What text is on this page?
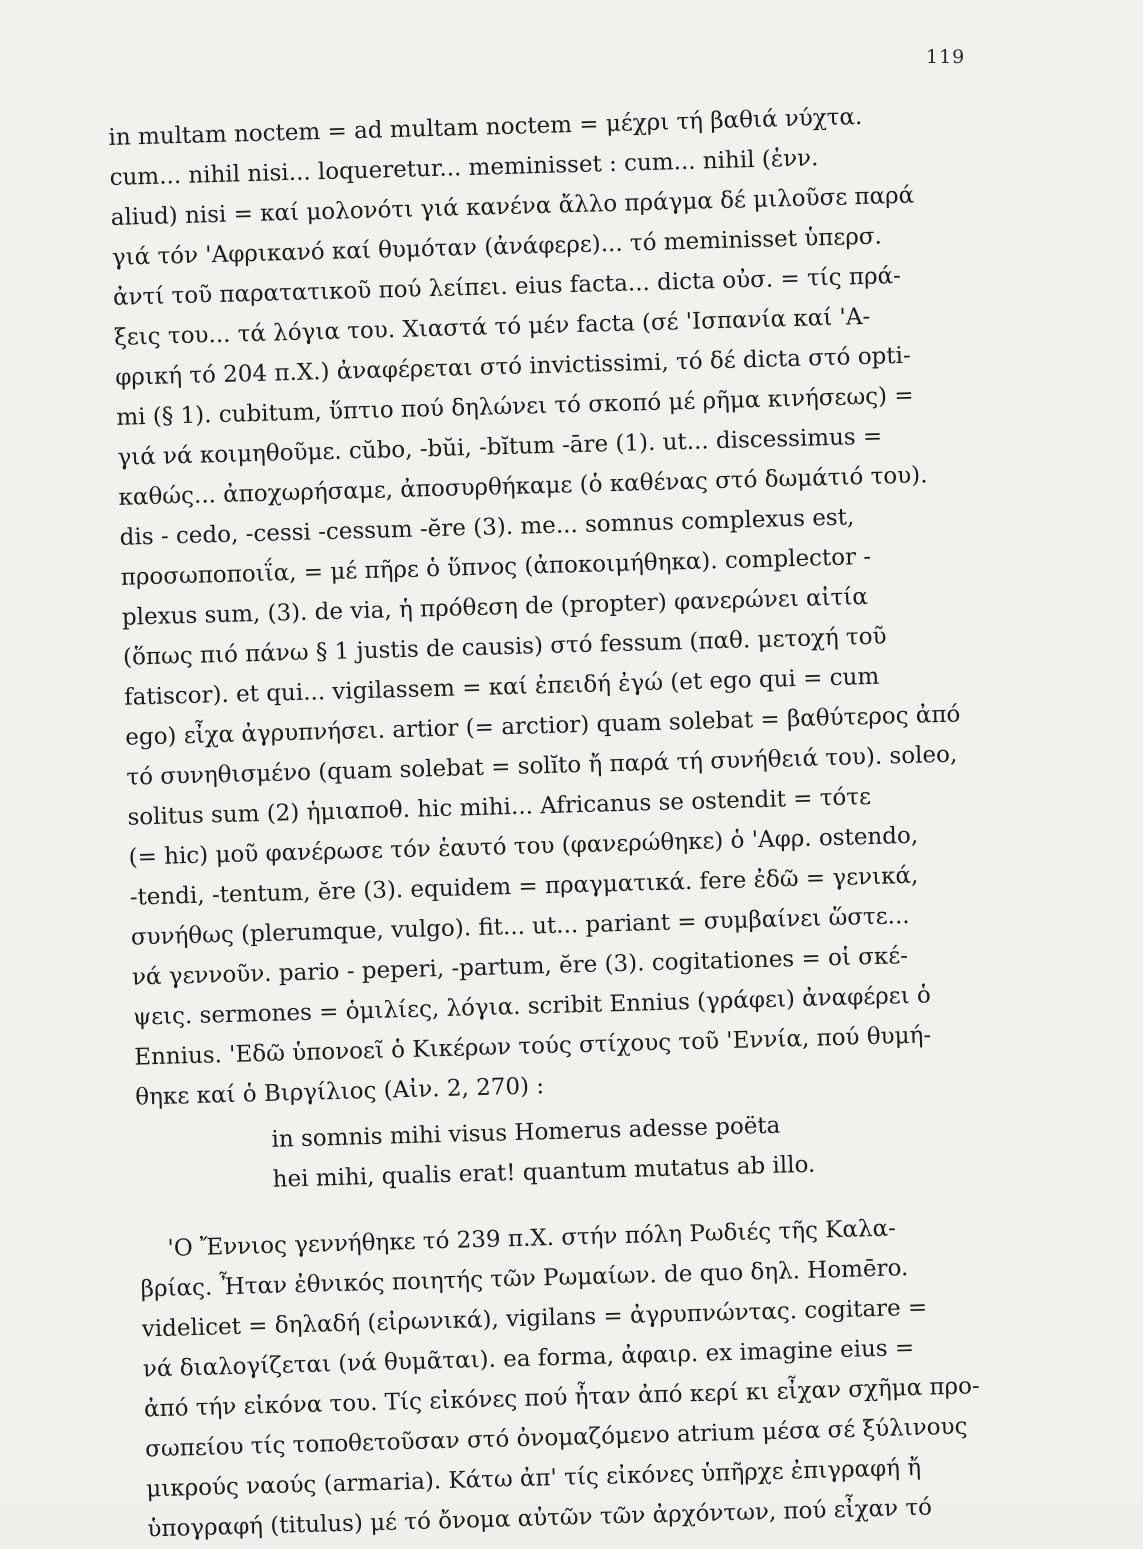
119
in multam noctem = ad multam noctem = μέχρι τή βαθιά νύχτα.
cum... nihil nisi... loqueretur... meminisset : cum... nihil (ἐνν.
aliud) nisi = καί μολονότι γιά κανένα ἄλλο πράγμα δέ μιλοῦσε παρά
γιά τόν 'Αφρικανό καί θυμόταν (ἀνάφερε)... τό meminisset ὑπερσ.
ἀντί τοῦ παρατατικοῦ πού λείπει. eius facta... dicta οὐσ. = τίς πρά-
ξεις του... τά λόγια του. Χιαστά τό μέν facta (σέ 'Ισπανία καί 'Α-
φρική τό 204 π.Χ.) ἀναφέρεται στό invictissimi, τό δέ dicta στό opti-
mi (§ 1). cubitum, ὕπτιο πού δηλώνει τό σκοπό μέ ρῆμα κινήσεως) =
γιά νά κοιμηθοῦμε. cŭbo, -bŭi, -bĭtum -āre (1). ut... discessimus =
καθώς... ἀποχωρήσαμε, ἀποσυρθήκαμε (ὁ καθένας στό δωμάτιό του).
dis - cedo, -cessi -cessum -ĕre (3). me... somnus complexus est,
προσωποποιΐα, = μέ πῆρε ὁ ὕπνος (ἀποκοιμήθηκα). complector -
plexus sum, (3). de via, ἡ πρόθεση de (propter) φανερώνει αἰτία
(ὅπως πιό πάνω § 1 justis de causis) στό fessum (παθ. μετοχή τοῦ
fatiscor). et qui... vigilassem = καί ἐπειδή ἐγώ (et ego qui = cum
ego) εἶχα ἀγρυπνήσει. artior (= arctior) quam solebat = βαθύτερος ἀπό
τό συνηθισμένο (quam solebat = solĭto ἤ παρά τή συνήθειά του). soleo,
solitus sum (2) ἡμιαποθ. hic mihi... Africanus se ostendit = τότε
(= hic) μοῦ φανέρωσε τόν ἑαυτό του (φανερώθηκε) ὁ 'Αφρ. ostendo,
-tendi, -tentum, ĕre (3). equidem = πραγματικά. fere ἐδῶ = γενικά,
συνήθως (plerumque, vulgo). fit... ut... pariant = συμβαίνει ὥστε...
νά γεννοῦν. pario - peperi, -partum, ĕre (3). cogitationes = οἱ σκέ-
ψεις. sermones = ὁμιλίες, λόγια. scribit Ennius (γράφει) ἀναφέρει ὁ
Ennius. 'Εδῶ ὑπονοεῖ ὁ Κικέρων τούς στίχους τοῦ 'Εννία, πού θυμή-
θηκε καί ὁ Βιργίλιος (Αἰν. 2, 270) :
in somnis mihi visus Homerus adesse poëta
hei mihi, qualis erat! quantum mutatus ab illo.
'Ο Ἔννιος γεννήθηκε τό 239 π.Χ. στήν πόλη Ρωδιές τῆς Καλα-
βρίας. Ἦταν ἐθνικός ποιητής τῶν Ρωμαίων. de quo δηλ. Homēro.
videlicet = δηλαδή (εἰρωνικά), vigilans = ἀγρυπνώντας. cogitare =
νά διαλογίζεται (νά θυμᾶται). ea forma, ἀφαιρ. ex imagine eius =
ἀπό τήν εἰκόνα του. Τίς εἰκόνες πού ἦταν ἀπό κερί κι εἶχαν σχῆμα προ-
σωπείου τίς τοποθετοῦσαν στό ὀνομαζόμενο atrium μέσα σέ ξύλινους
μικρούς ναούς (armaria). Κάτω ἀπ' τίς εἰκόνες ὑπῆρχε ἐπιγραφή ἤ
ὑπογραφή (titulus) μέ τό ὄνομα αὐτῶν τῶν ἀρχόντων, πού εἶχαν τό
